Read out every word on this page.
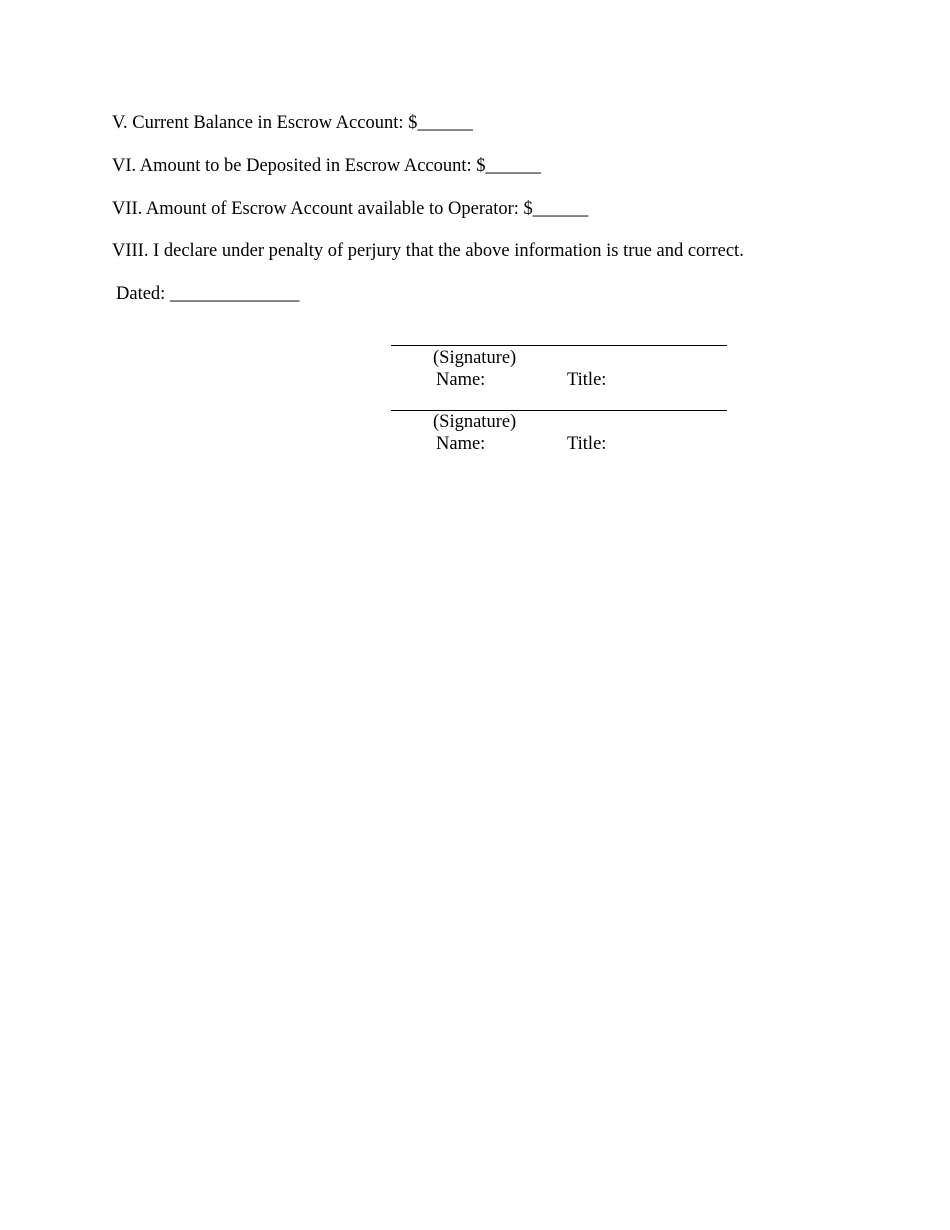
V. Current Balance in Escrow Account: $______
VI. Amount to be Deposited in Escrow Account: $______
VII. Amount of Escrow Account available to Operator: $______
VIII. I declare under penalty of perjury that the above information is true and correct.
Dated: ______________
(Signature)
Name:	Title:
(Signature)
Name:	Title:
